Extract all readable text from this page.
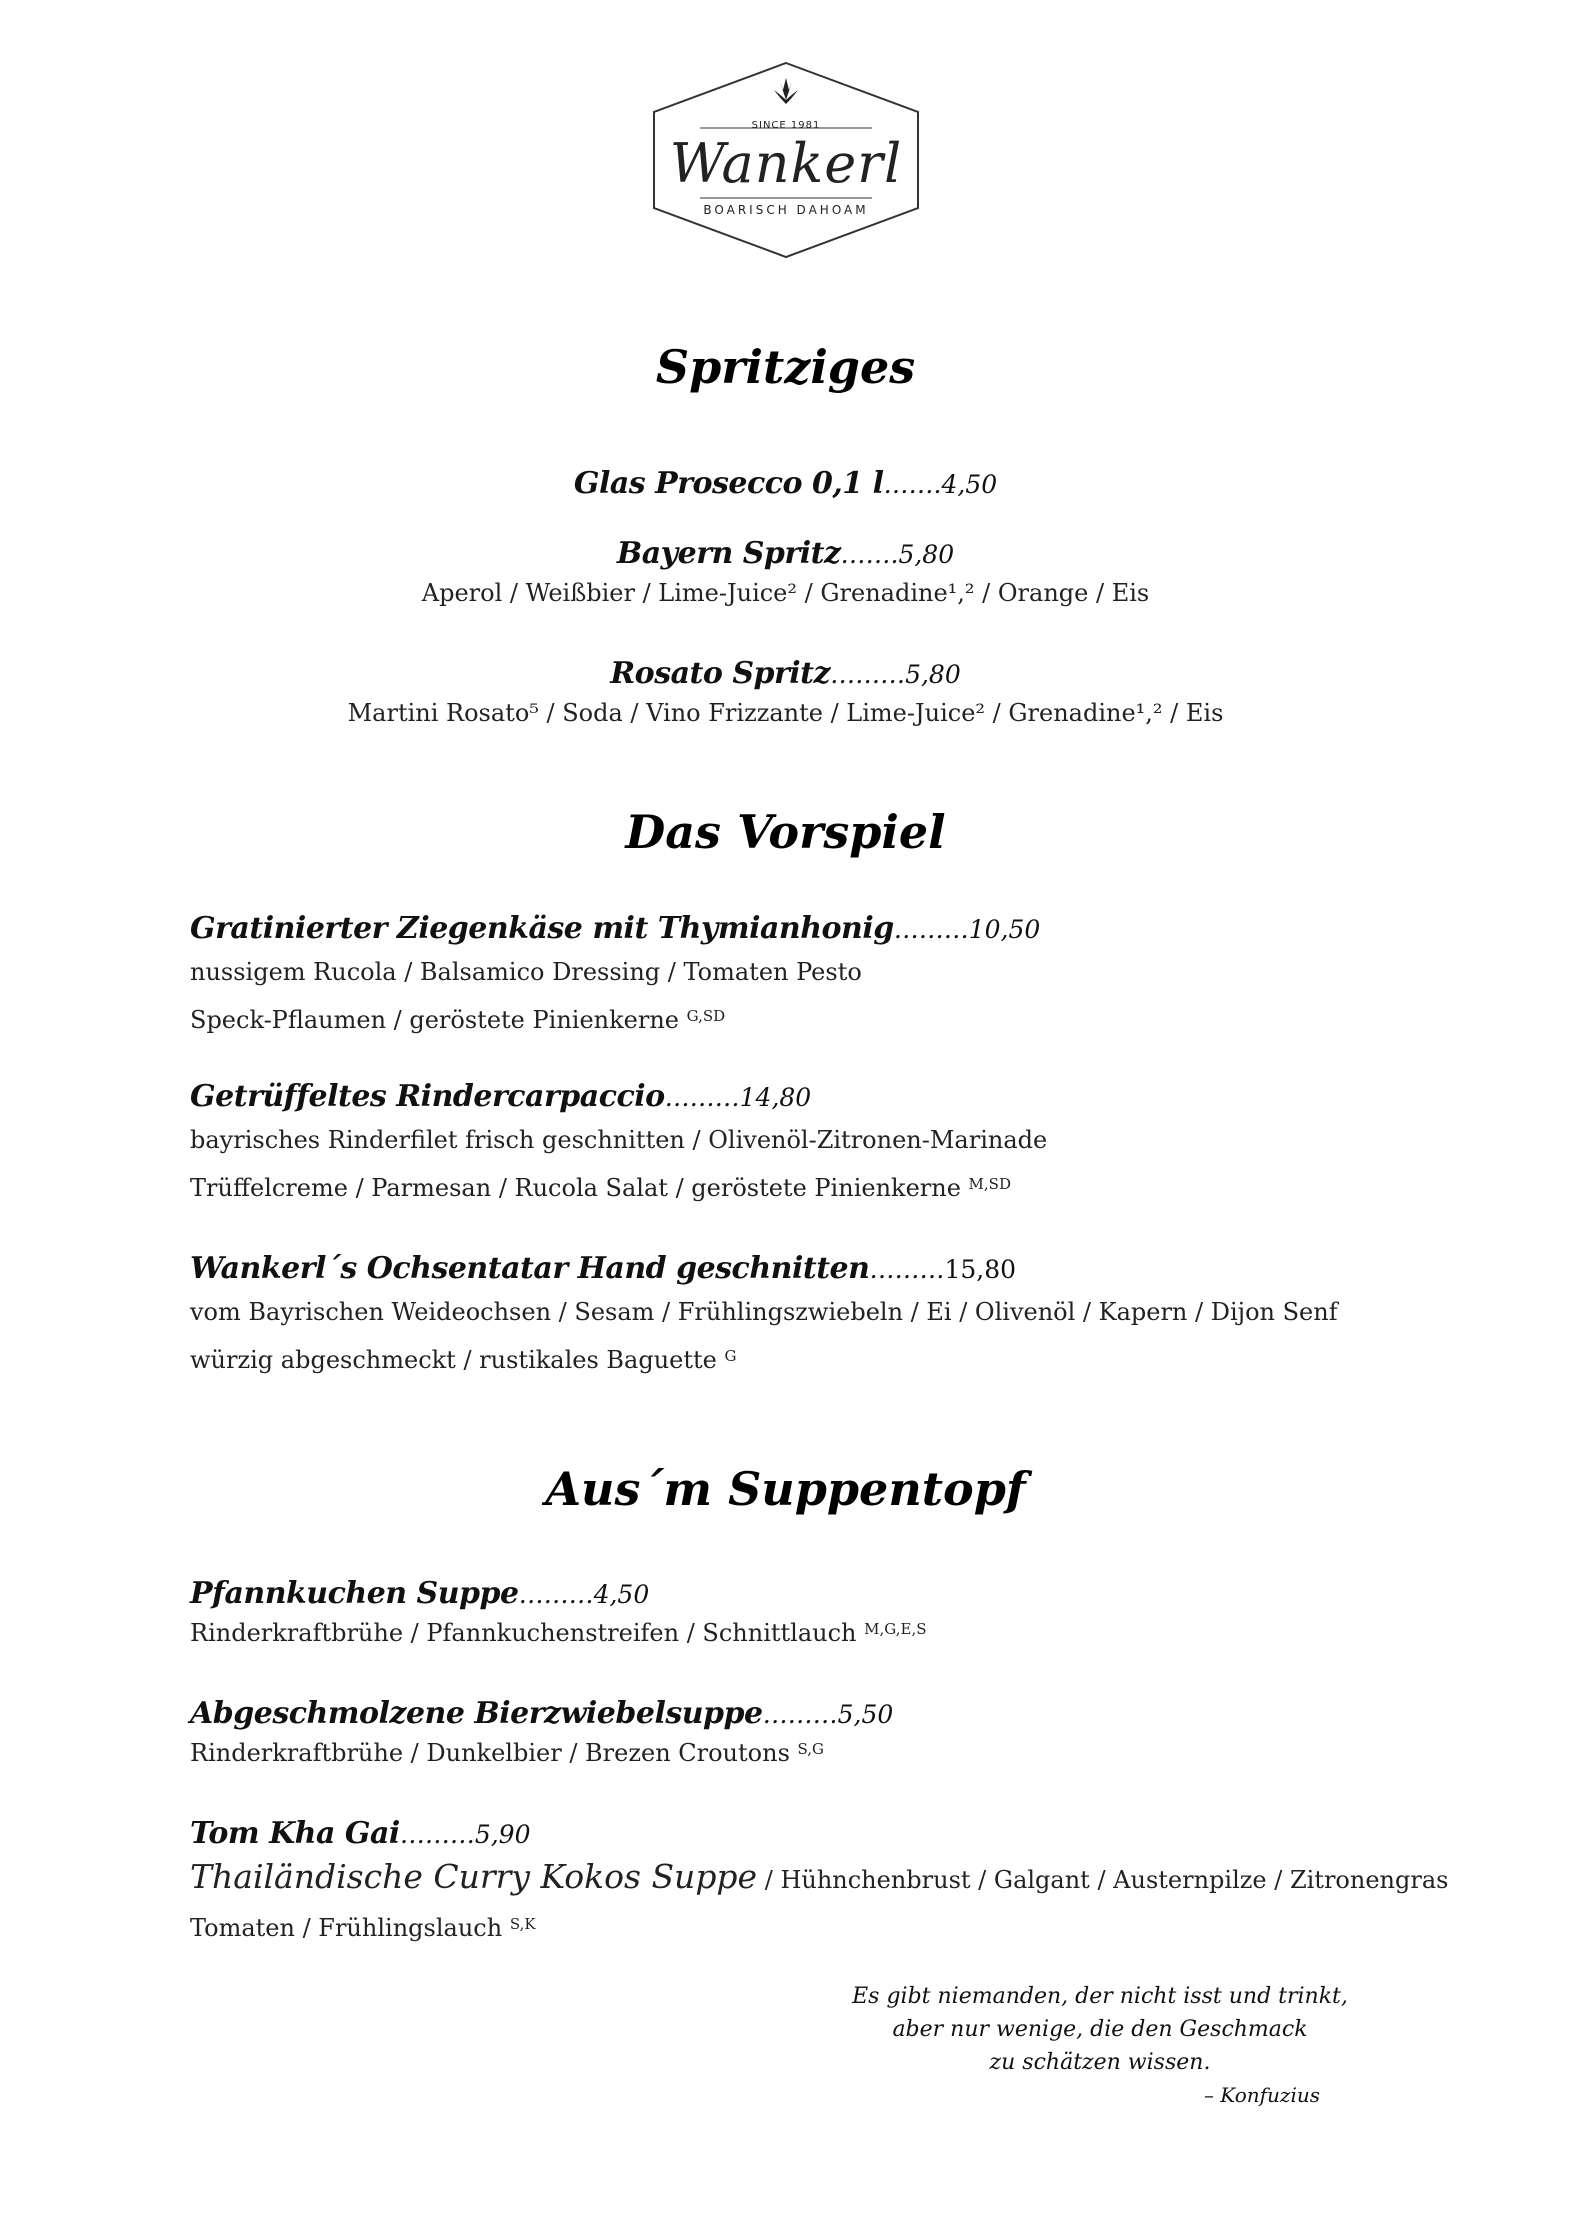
SINCE 1981
Wankerl
BOARISCH DAHOAM
Spritziges
Glas Prosecco 0,1 l…….4,50
Bayern Spritz…….5,80
Aperol / Weißbier / Lime-Juice² / Grenadine¹,² / Orange / Eis
Rosato Spritz………5,80
Martini Rosato⁵ / Soda / Vino Frizzante / Lime-Juice² / Grenadine¹,² / Eis
Das Vorspiel
Gratinierter Ziegenkäse mit Thymianhonig………10,50
nussigem Rucola / Balsamico Dressing / Tomaten Pesto
Speck-Pflaumen / geröstete Pinienkerne $^{G,SD}$
Getrüffeltes Rindercarpaccio………14,80
bayrisches Rinderfilet frisch geschnitten / Olivenöl-Zitronen-Marinade
Trüffelcreme / Parmesan / Rucola Salat / geröstete Pinienkerne $^{M,SD}$
Wankerl´s Ochsentatar Hand geschnitten………15,80
vom Bayrischen Weideochsen / Sesam / Frühlingszwiebeln / Ei / Olivenöl / Kapern / Dijon Senf
würzig abgeschmeckt / rustikales Baguette $^G$
Aus´m Suppentopf
Pfannkuchen Suppe………4,50
Rinderkraftbrühe / Pfannkuchenstreifen / Schnittlauch $^{M,G,E,S}$
Abgeschmolzene Bierzwiebelsuppe………5,50
Rinderkraftbrühe / Dunkelbier / Brezen Croutons $^{S,G}$
Tom Kha Gai………5,90
Thailändische Curry Kokos Suppe / Hühnchenbrust / Galgant / Austernpilze / Zitronengras
Tomaten / Frühlingslauch $^{S,K}$
Es gibt niemanden, der nicht isst und trinkt,
aber nur wenige, die den Geschmack
zu schätzen wissen.
– Konfuzius
